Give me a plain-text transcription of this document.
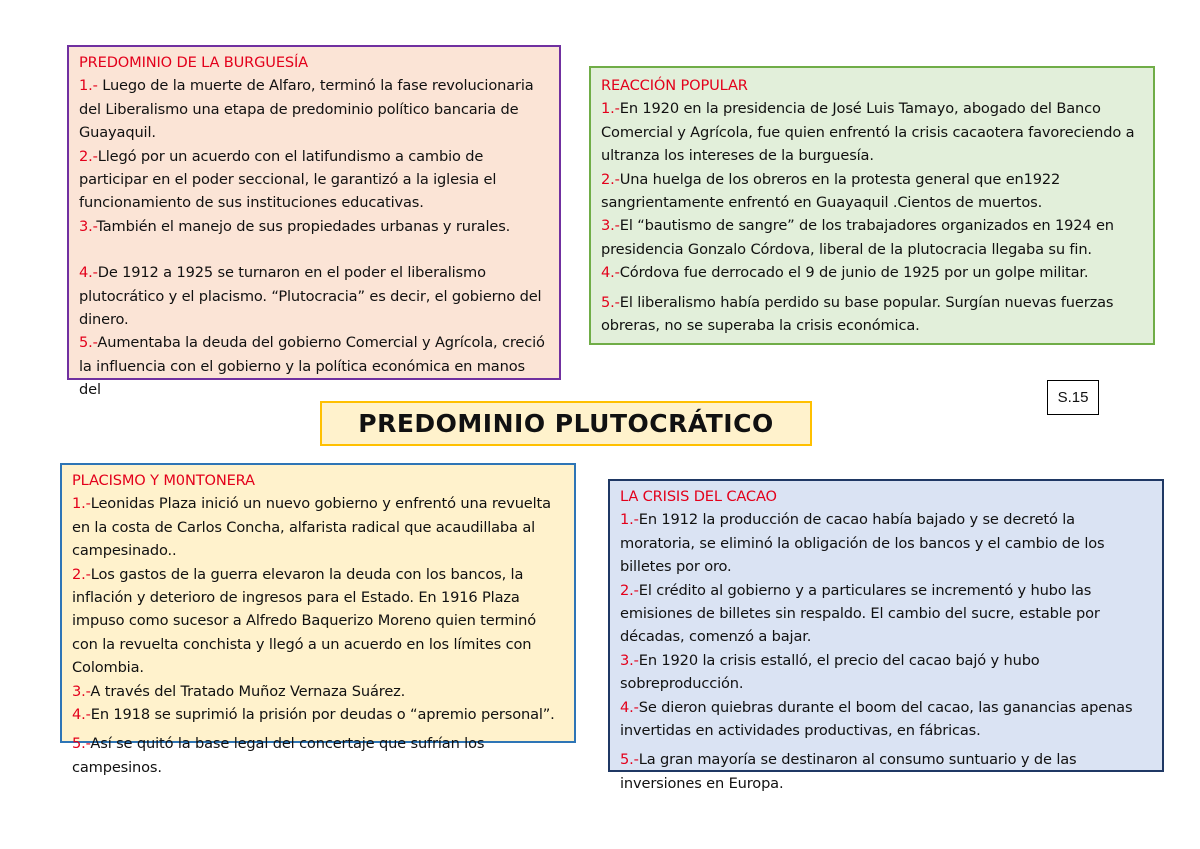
PREDOMINIO DE LA BURGUESÍA

1.- Luego de la muerte de Alfaro, terminó la fase revolucionaria del Liberalismo una etapa de predominio político bancaria de Guayaquil.

2.-Llegó por un acuerdo con el latifundismo a cambio de participar en el poder seccional, le garantizó a la iglesia el funcionamiento de sus instituciones educativas.

3.-También el manejo de sus propiedades urbanas y rurales.

4.-De 1912 a 1925 se turnaron en el poder el liberalismo plutocrático y el placismo. “Plutocracia” es decir, el gobierno del dinero.

5.-Aumentaba la deuda del gobierno Comercial y Agrícola, creció la influencia con el gobierno y la política económica en manos del

REACCIÓN POPULAR

1.-En 1920 en la presidencia de José Luis Tamayo, abogado del Banco Comercial y Agrícola, fue quien enfrentó la crisis cacaotera favoreciendo a ultranza los intereses de la burguesía.

2.-Una huelga de los obreros en la protesta general que en1922 sangrientamente enfrentó en Guayaquil .Cientos de muertos.

3.-El “bautismo de sangre” de los trabajadores organizados en 1924 en presidencia Gonzalo Córdova, liberal de la plutocracia llegaba su fin.

4.-Córdova fue derrocado el 9 de junio de 1925 por un golpe militar.

5.-El liberalismo había perdido su base popular. Surgían nuevas fuerzas obreras, no se superaba la crisis económica.

S.15
PREDOMINIO PLUTOCRÁTICO

PLACISMO Y M0NTONERA

1.-Leonidas Plaza inició un nuevo gobierno y enfrentó una revuelta en la costa de Carlos Concha, alfarista radical que acaudillaba al campesinado..

2.-Los gastos de la guerra elevaron la deuda con los bancos, la inflación y deterioro de ingresos para el Estado. En 1916 Plaza impuso como sucesor a Alfredo Baquerizo Moreno quien terminó con la revuelta conchista y llegó a un acuerdo en los límites con Colombia.

3.-A través del Tratado Muñoz Vernaza Suárez.

4.-En 1918 se suprimió la prisión por deudas o “apremio personal”.

5.-Así se quitó la base legal del concertaje que sufrían los campesinos.

LA CRISIS DEL CACAO

1.-En 1912 la producción de cacao había bajado y se decretó la moratoria, se eliminó la obligación de los bancos y el cambio de los billetes por oro.

2.-El crédito al gobierno y a particulares se incrementó y hubo las emisiones de billetes sin respaldo. El cambio del sucre, estable por décadas, comenzó a bajar.

3.-En 1920 la crisis estalló, el precio del cacao bajó y hubo sobreproducción.

4.-Se dieron quiebras durante el boom del cacao, las ganancias apenas invertidas en actividades productivas, en fábricas.

5.-La gran mayoría se destinaron al consumo suntuario y de las inversiones en Europa.
